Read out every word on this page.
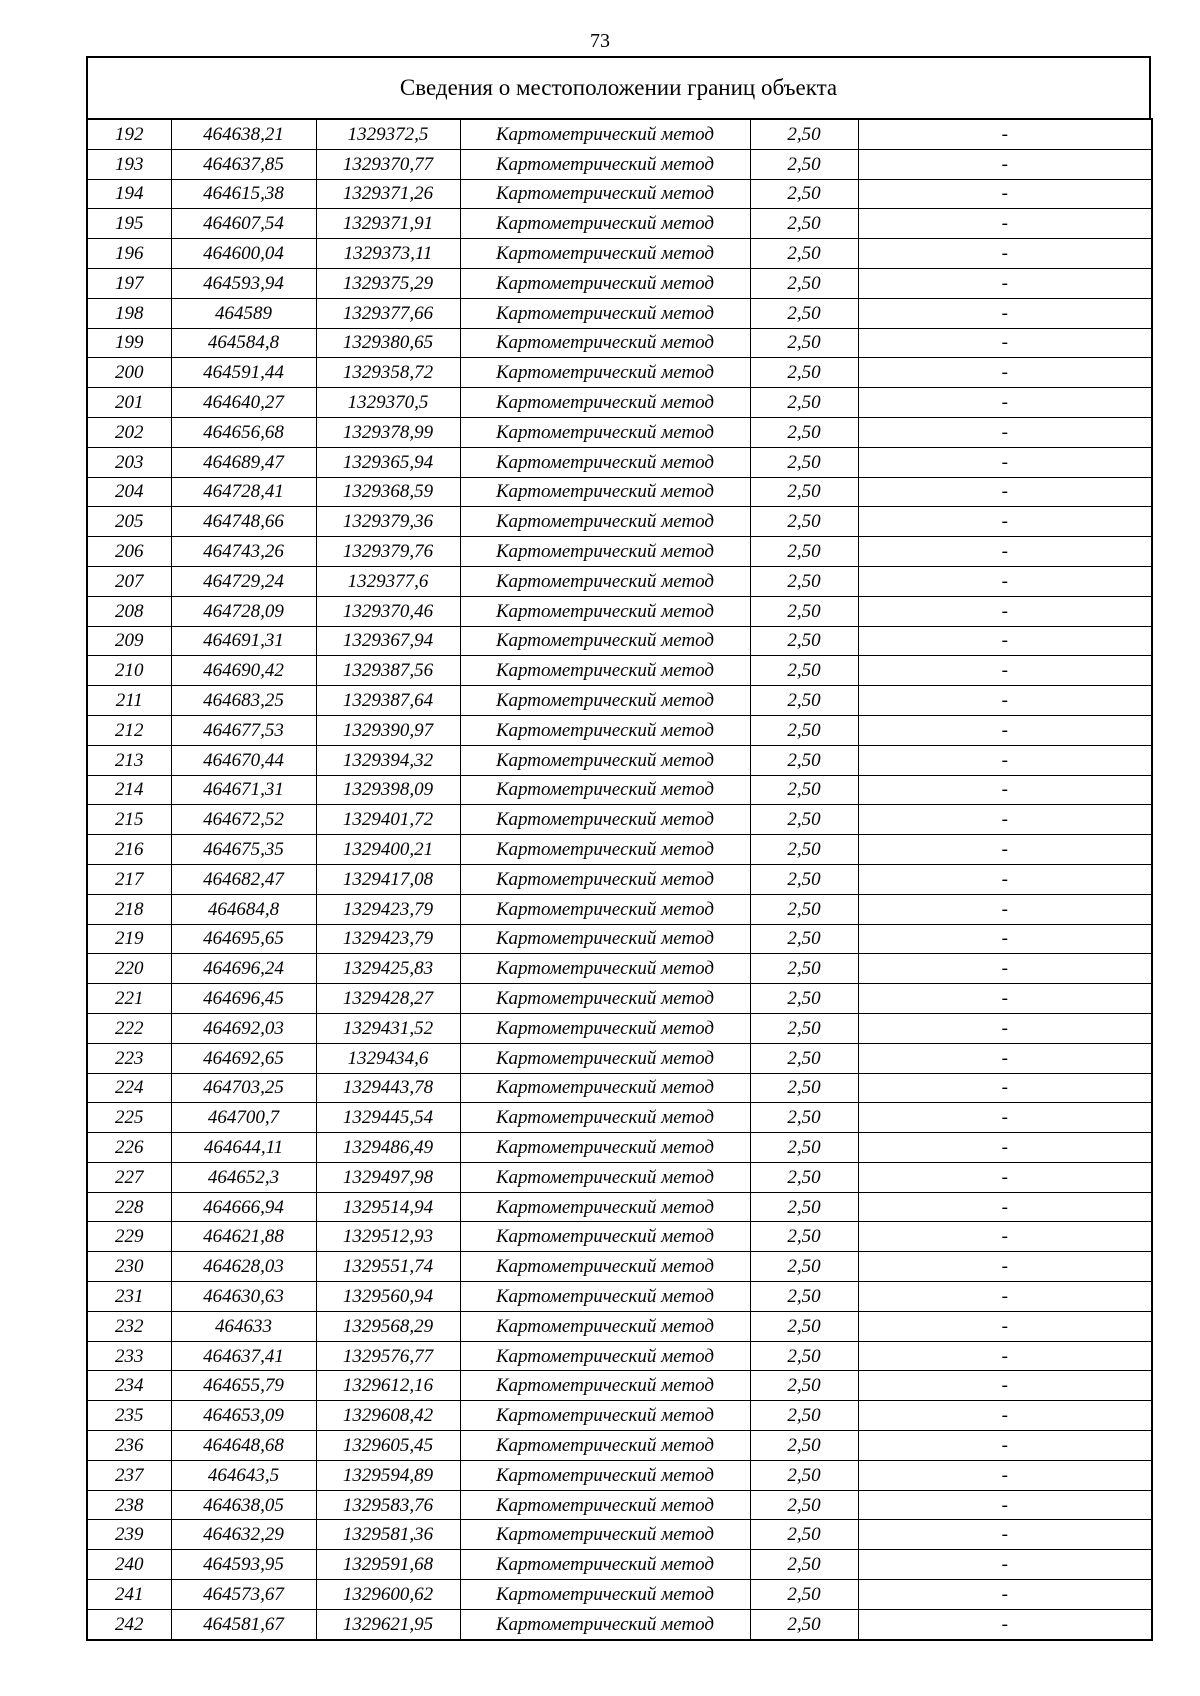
73
Сведения о местоположении границ объекта
192	464638,21	1329372,5	Картометрический метод	2,50	-
193	464637,85	1329370,77	Картометрический метод	2,50	-
194	464615,38	1329371,26	Картометрический метод	2,50	-
195	464607,54	1329371,91	Картометрический метод	2,50	-
196	464600,04	1329373,11	Картометрический метод	2,50	-
197	464593,94	1329375,29	Картометрический метод	2,50	-
198	464589	1329377,66	Картометрический метод	2,50	-
199	464584,8	1329380,65	Картометрический метод	2,50	-
200	464591,44	1329358,72	Картометрический метод	2,50	-
201	464640,27	1329370,5	Картометрический метод	2,50	-
202	464656,68	1329378,99	Картометрический метод	2,50	-
203	464689,47	1329365,94	Картометрический метод	2,50	-
204	464728,41	1329368,59	Картометрический метод	2,50	-
205	464748,66	1329379,36	Картометрический метод	2,50	-
206	464743,26	1329379,76	Картометрический метод	2,50	-
207	464729,24	1329377,6	Картометрический метод	2,50	-
208	464728,09	1329370,46	Картометрический метод	2,50	-
209	464691,31	1329367,94	Картометрический метод	2,50	-
210	464690,42	1329387,56	Картометрический метод	2,50	-
211	464683,25	1329387,64	Картометрический метод	2,50	-
212	464677,53	1329390,97	Картометрический метод	2,50	-
213	464670,44	1329394,32	Картометрический метод	2,50	-
214	464671,31	1329398,09	Картометрический метод	2,50	-
215	464672,52	1329401,72	Картометрический метод	2,50	-
216	464675,35	1329400,21	Картометрический метод	2,50	-
217	464682,47	1329417,08	Картометрический метод	2,50	-
218	464684,8	1329423,79	Картометрический метод	2,50	-
219	464695,65	1329423,79	Картометрический метод	2,50	-
220	464696,24	1329425,83	Картометрический метод	2,50	-
221	464696,45	1329428,27	Картометрический метод	2,50	-
222	464692,03	1329431,52	Картометрический метод	2,50	-
223	464692,65	1329434,6	Картометрический метод	2,50	-
224	464703,25	1329443,78	Картометрический метод	2,50	-
225	464700,7	1329445,54	Картометрический метод	2,50	-
226	464644,11	1329486,49	Картометрический метод	2,50	-
227	464652,3	1329497,98	Картометрический метод	2,50	-
228	464666,94	1329514,94	Картометрический метод	2,50	-
229	464621,88	1329512,93	Картометрический метод	2,50	-
230	464628,03	1329551,74	Картометрический метод	2,50	-
231	464630,63	1329560,94	Картометрический метод	2,50	-
232	464633	1329568,29	Картометрический метод	2,50	-
233	464637,41	1329576,77	Картометрический метод	2,50	-
234	464655,79	1329612,16	Картометрический метод	2,50	-
235	464653,09	1329608,42	Картометрический метод	2,50	-
236	464648,68	1329605,45	Картометрический метод	2,50	-
237	464643,5	1329594,89	Картометрический метод	2,50	-
238	464638,05	1329583,76	Картометрический метод	2,50	-
239	464632,29	1329581,36	Картометрический метод	2,50	-
240	464593,95	1329591,68	Картометрический метод	2,50	-
241	464573,67	1329600,62	Картометрический метод	2,50	-
242	464581,67	1329621,95	Картометрический метод	2,50	-
